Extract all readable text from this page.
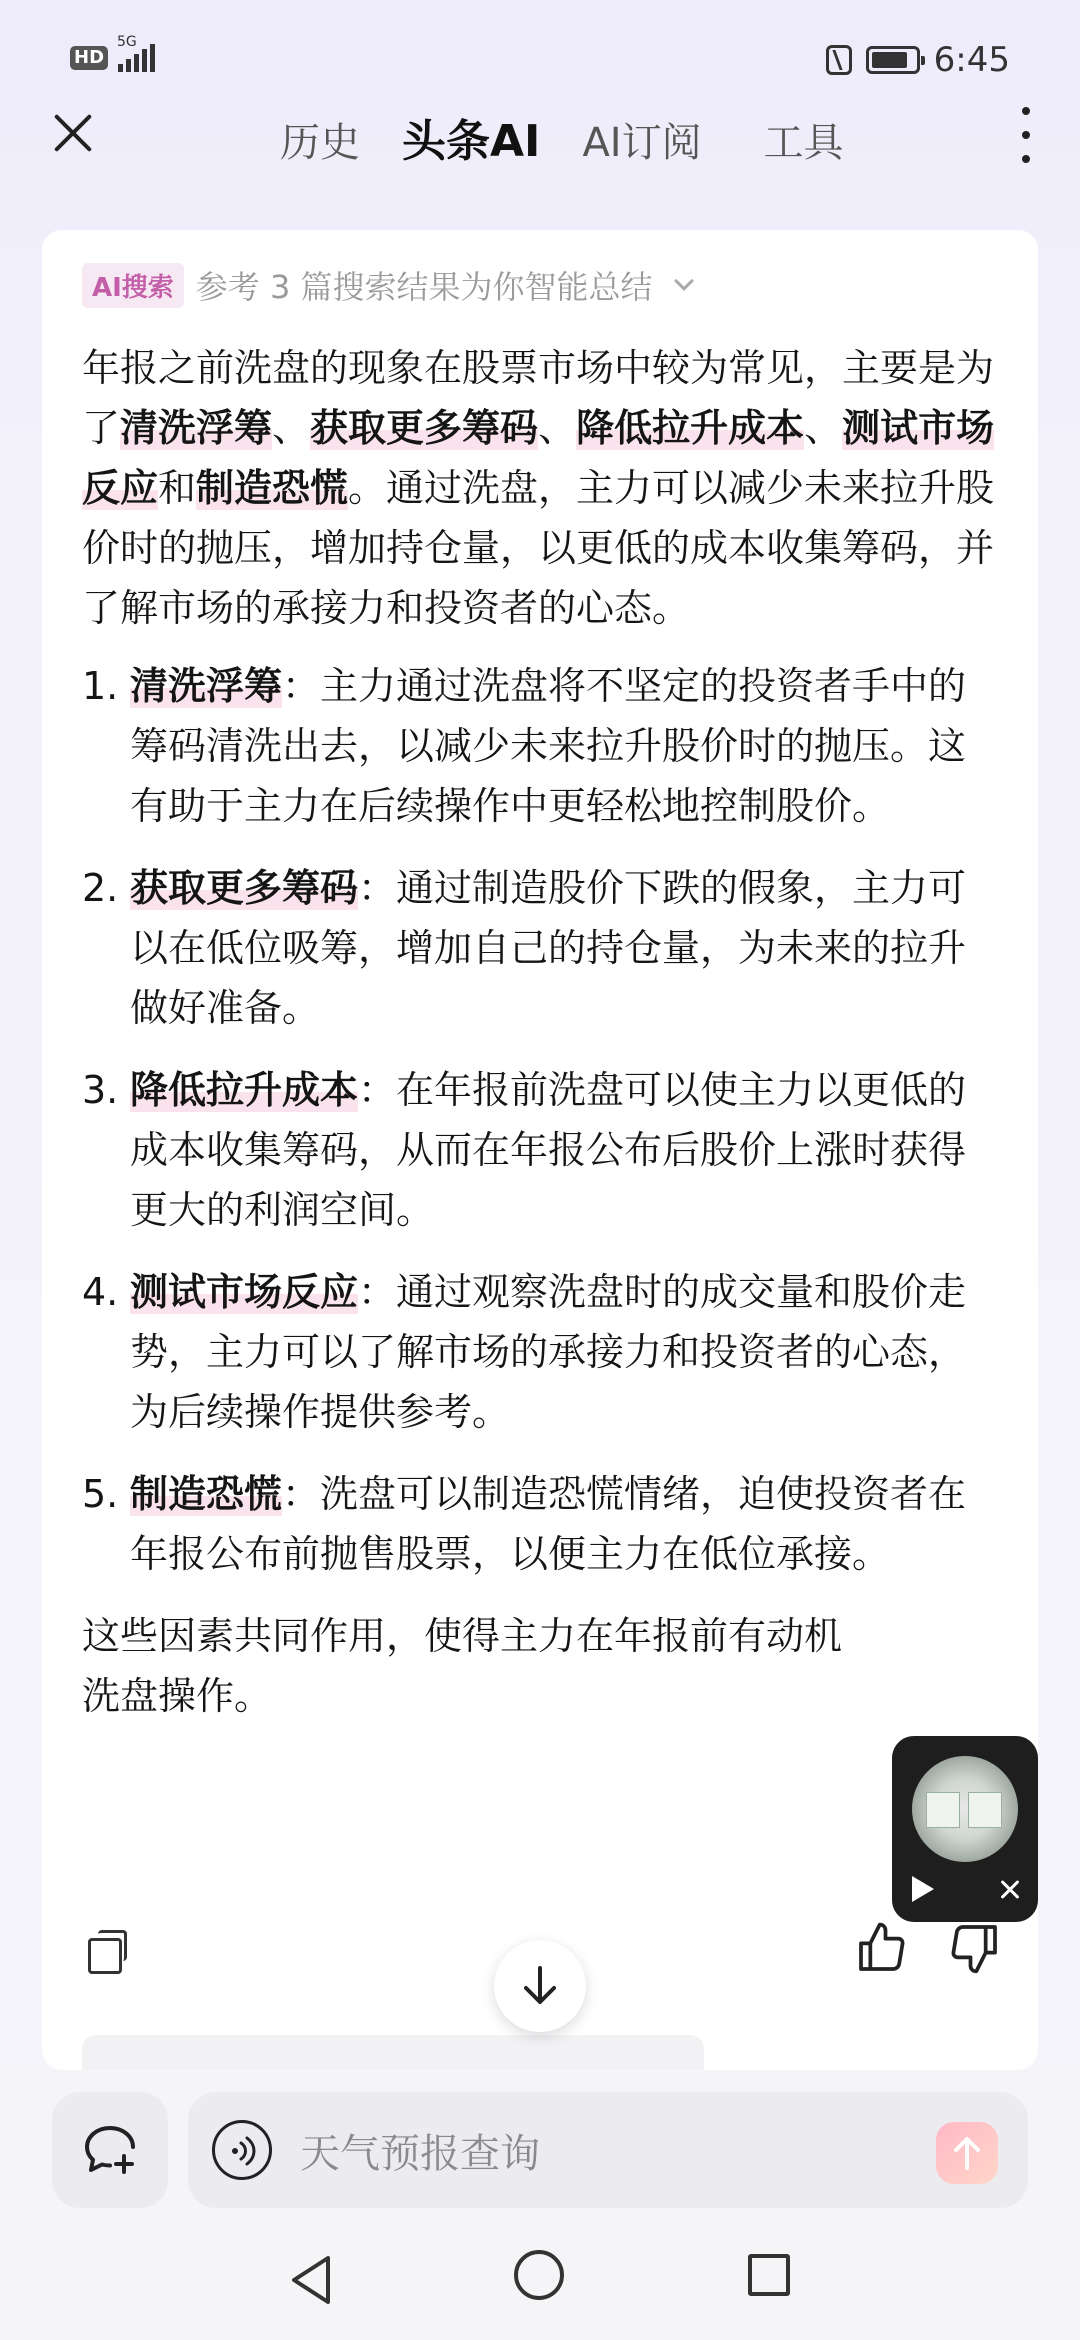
HD
5G	6:45
历史 头条AI AI订阅 工具
AI搜索 参考 3 篇搜索结果为你智能总结

年报之前洗盘的现象在股票市场中较为常见，主要是为了清洗浮筹、获取更多筹码、降低拉升成本、测试市场反应和制造恐慌。通过洗盘，主力可以减少未来拉升股价时的抛压，增加持仓量，以更低的成本收集筹码，并了解市场的承接力和投资者的心态。

1. 清洗浮筹：主力通过洗盘将不坚定的投资者手中的筹码清洗出去，以减少未来拉升股价时的抛压。这有助于主力在后续操作中更轻松地控制股价。
2. 获取更多筹码：通过制造股价下跌的假象，主力可以在低位吸筹，增加自己的持仓量，为未来的拉升做好准备。
3. 降低拉升成本：在年报前洗盘可以使主力以更低的成本收集筹码，从而在年报公布后股价上涨时获得更大的利润空间。
4. 测试市场反应：通过观察洗盘时的成交量和股价走势，主力可以了解市场的承接力和投资者的心态，为后续操作提供参考。
5. 制造恐慌：洗盘可以制造恐慌情绪，迫使投资者在年报公布前抛售股票，以便主力在低位承接。

这些因素共同作用，使得主力在年报前有动机洗盘操作。

天气预报查询
